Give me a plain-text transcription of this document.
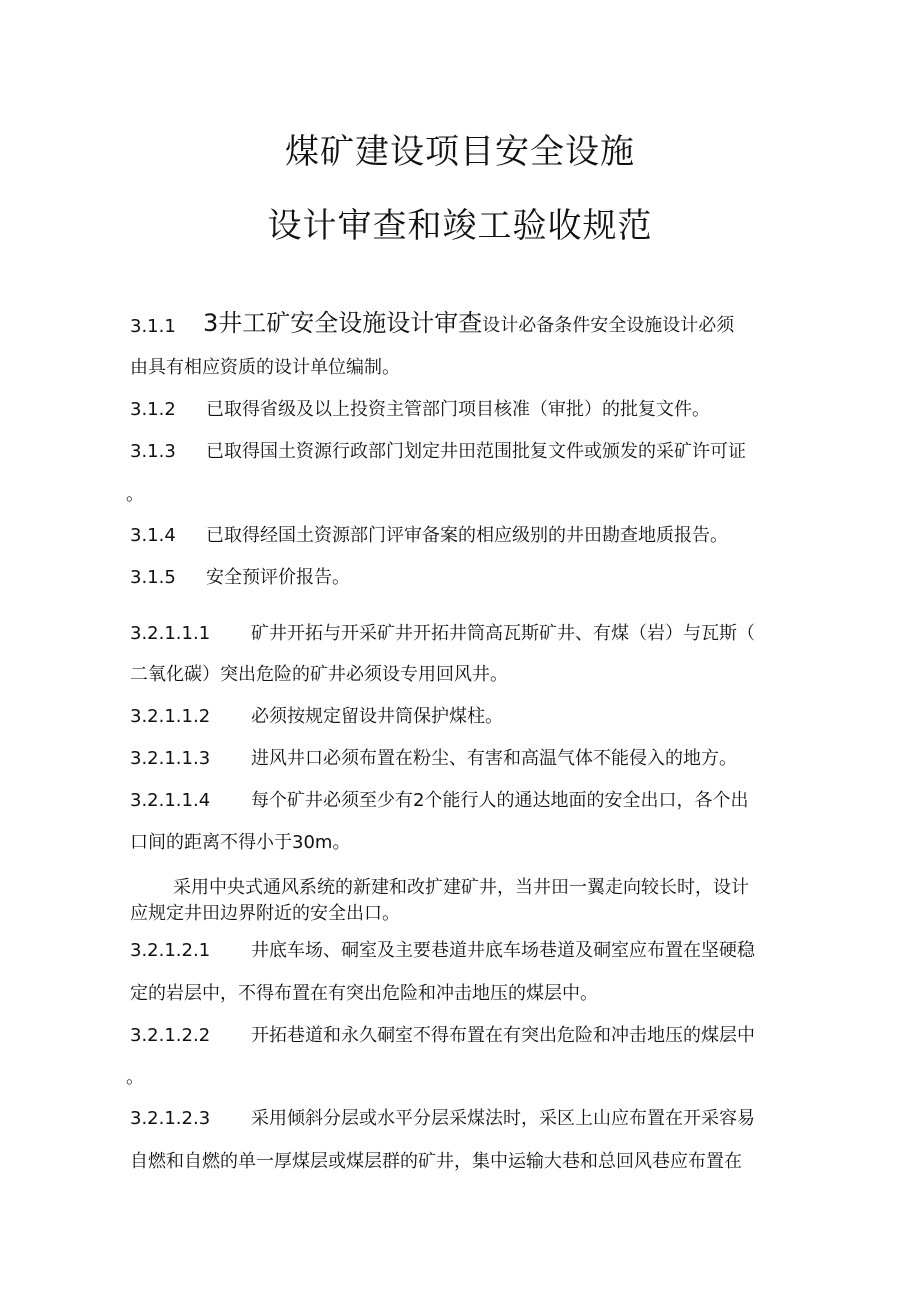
煤矿建设项目安全设施
设计审查和竣工验收规范
3.1.1 3井工矿安全设施设计审查设计必备条件安全设施设计必须
由具有相应资质的设计单位编制。
3.1.2 已取得省级及以上投资主管部门项目核准（审批）的批复文件。
3.1.3 已取得国土资源行政部门划定井田范围批复文件或颁发的采矿许可证
。
3.1.4 已取得经国土资源部门评审备案的相应级别的井田勘查地质报告。
3.1.5 安全预评价报告。
3.2.1.1.1 矿井开拓与开采矿井开拓井筒高瓦斯矿井、有煤（岩）与瓦斯（
二氧化碳）突出危险的矿井必须设专用回风井。
3.2.1.1.2 必须按规定留设井筒保护煤柱。
3.2.1.1.3 进风井口必须布置在粉尘、有害和高温气体不能侵入的地方。
3.2.1.1.4 每个矿井必须至少有2个能行人的通达地面的安全出口，各个出
口间的距离不得小于30m。
采用中央式通风系统的新建和改扩建矿井，当井田一翼走向较长时，设计
应规定井田边界附近的安全出口。
3.2.1.2.1 井底车场、硐室及主要巷道井底车场巷道及硐室应布置在坚硬稳
定的岩层中，不得布置在有突出危险和冲击地压的煤层中。
3.2.1.2.2 开拓巷道和永久硐室不得布置在有突出危险和冲击地压的煤层中
。
3.2.1.2.3 采用倾斜分层或水平分层采煤法时，采区上山应布置在开采容易
自燃和自燃的单一厚煤层或煤层群的矿井，集中运输大巷和总回风巷应布置在
